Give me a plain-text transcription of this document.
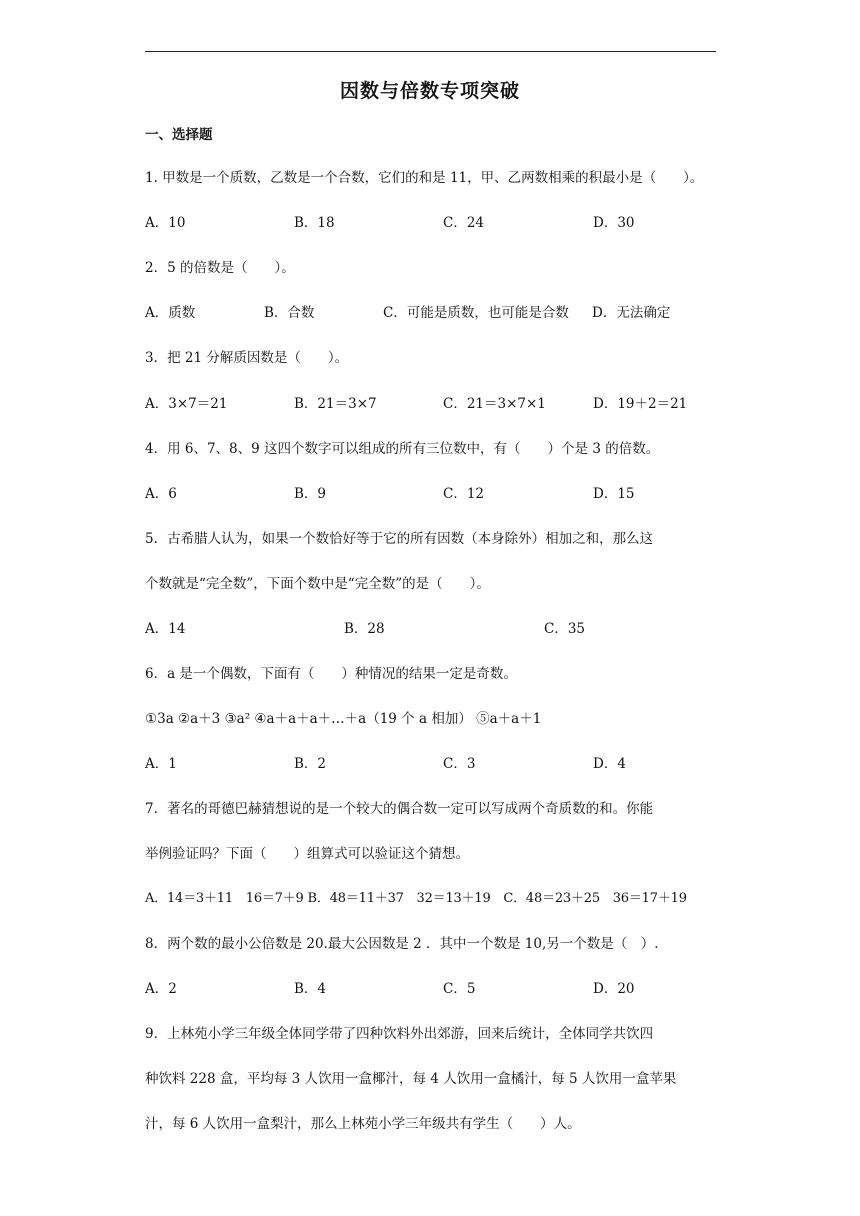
因数与倍数专项突破
一、选择题
1. 甲数是一个质数，乙数是一个合数，它们的和是 11，甲、乙两数相乘的积最小是（　　）。
A．10	B．18	C．24	D．30
2．5 的倍数是（　　）。
A．质数	B．合数	C．可能是质数，也可能是合数 D．无法确定
3．把 21 分解质因数是（　　）。
A．3×7＝21	B．21＝3×7	C．21＝3×7×1	D．19＋2＝21
4．用 6、7、8、9 这四个数字可以组成的所有三位数中，有（　　）个是 3 的倍数。
A．6	B．9	C．12	D．15
5．古希腊人认为，如果一个数恰好等于它的所有因数（本身除外）相加之和，那么这
个数就是“完全数”，下面个数中是“完全数”的是（　　）。
A．14	B．28	C．35
6．a 是一个偶数，下面有（　　）种情况的结果一定是奇数。
①3a ②a＋3 ③a² ④a＋a＋a＋…＋a（19 个 a 相加） ⑤a＋a＋1
A．1	B．2	C．3	D．4
7．著名的哥德巴赫猜想说的是一个较大的偶合数一定可以写成两个奇质数的和。你能
举例验证吗？下面（　　）组算式可以验证这个猜想。
A．14＝3＋11　16＝7＋9 B．48＝11＋37　32＝13＋19　C．48＝23＋25　36＝17＋19
8．两个数的最小公倍数是 20.最大公因数是 2 ．其中一个数是 10,另一个数是（　）.
A．2	B．4	C．5	D．20
9．上林苑小学三年级全体同学带了四种饮料外出郊游，回来后统计，全体同学共饮四
种饮料 228 盒，平均每 3 人饮用一盒椰汁，每 4 人饮用一盒橘汁，每 5 人饮用一盒苹果
汁，每 6 人饮用一盒梨汁，那么上林苑小学三年级共有学生（　　）人。
